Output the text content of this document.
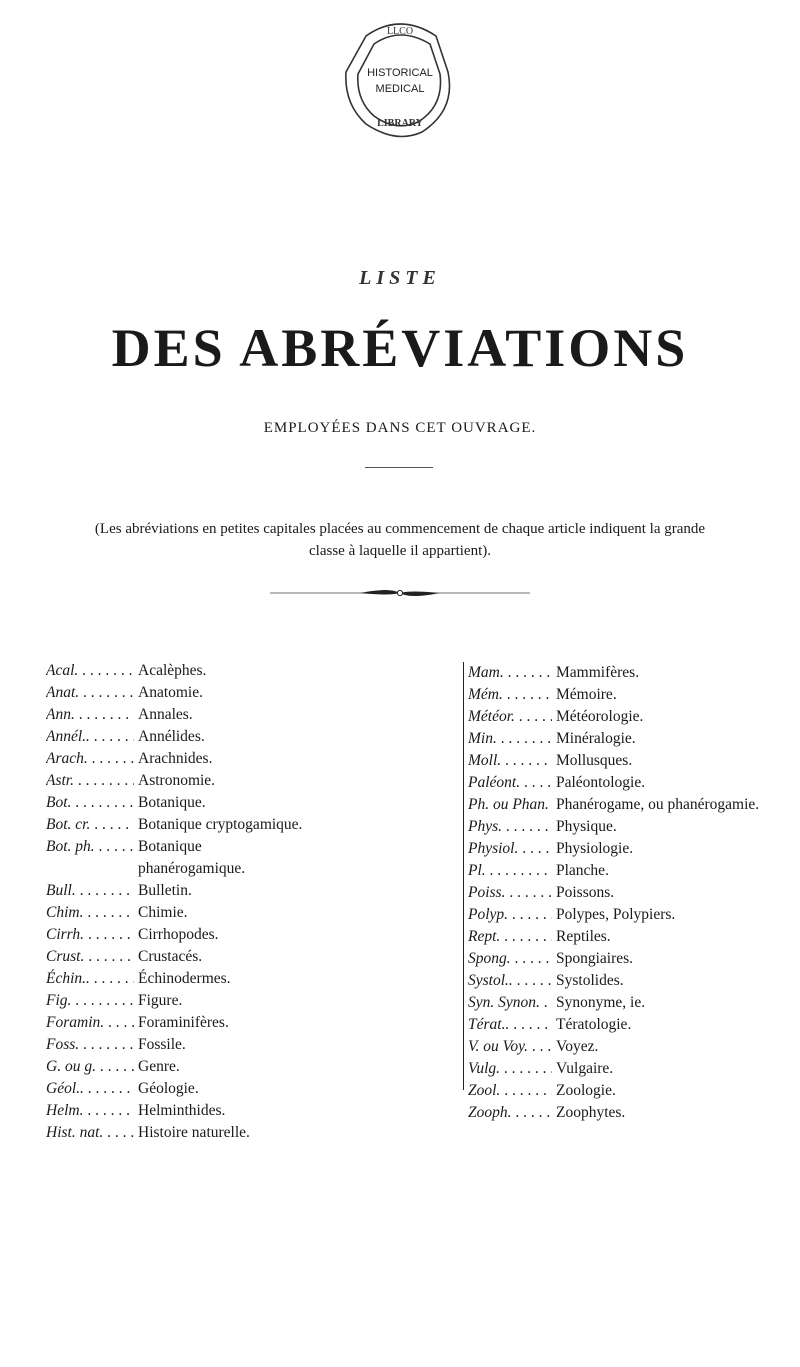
LLCO
HISTORICAL
MEDICAL
LIBRARY
LISTE
DES ABRÉVIATIONS
EMPLOYÉES DANS CET OUVRAGE.
(Les abréviations en petites capitales placées au commencement de chaque article indiquent la grande classe à laquelle il appartient).
Acal. . . .	Acalèphes.
Anat. . . .	Anatomie.
Ann. . . .	Annales.
Annél.. . . .	Annélides.
Arach. . . .	Arachnides.
Astr. . . .	Astronomie.
Bot. . . .	Botanique.
Bot. cr. . . .	Botanique cryptogamique.
Bot. ph. . . .	Botanique phanérogamique.
Bull. . . .	Bulletin.
Chim. . . .	Chimie.
Cirrh. . . .	Cirrhopodes.
Crust. . . .	Crustacés.
Échin.. . . .	Échinodermes.
Fig. . . .	Figure.
Foramin. . . .	Foraminifères.
Foss. . . .	Fossile.
G. ou g. . . .	Genre.
Géol.. . . .	Géologie.
Helm. . . .	Helminthides.
Hist. nat. . . .	Histoire naturelle.
Mam. . . .	Mammifères.
Mém. . . .	Mémoire.
Météor. . . .	Météorologie.
Min. . . .	Minéralogie.
Moll. . . .	Mollusques.
Paléont. . . .	Paléontologie.
Ph. ou Phan. . . . Phanérogame, ou phanérogamie.
Phys. . . .	Physique.
Physiol. . . .	Physiologie.
Pl. . . .	Planche.
Poiss. . . .	Poissons.
Polyp. . . .	Polypes, Polypiers.
Rept. . . .	Reptiles.
Spong. . . .	Spongiaires.
Systol.. . . .	Systolides.
Syn. Synon. . . .	Synonyme, ie.
Térat.. . . .	Tératologie.
V. ou Voy. . . .	Voyez.
Vulg. . . .	Vulgaire.
Zool. . . .	Zoologie.
Zooph. . . .	Zoophytes.
